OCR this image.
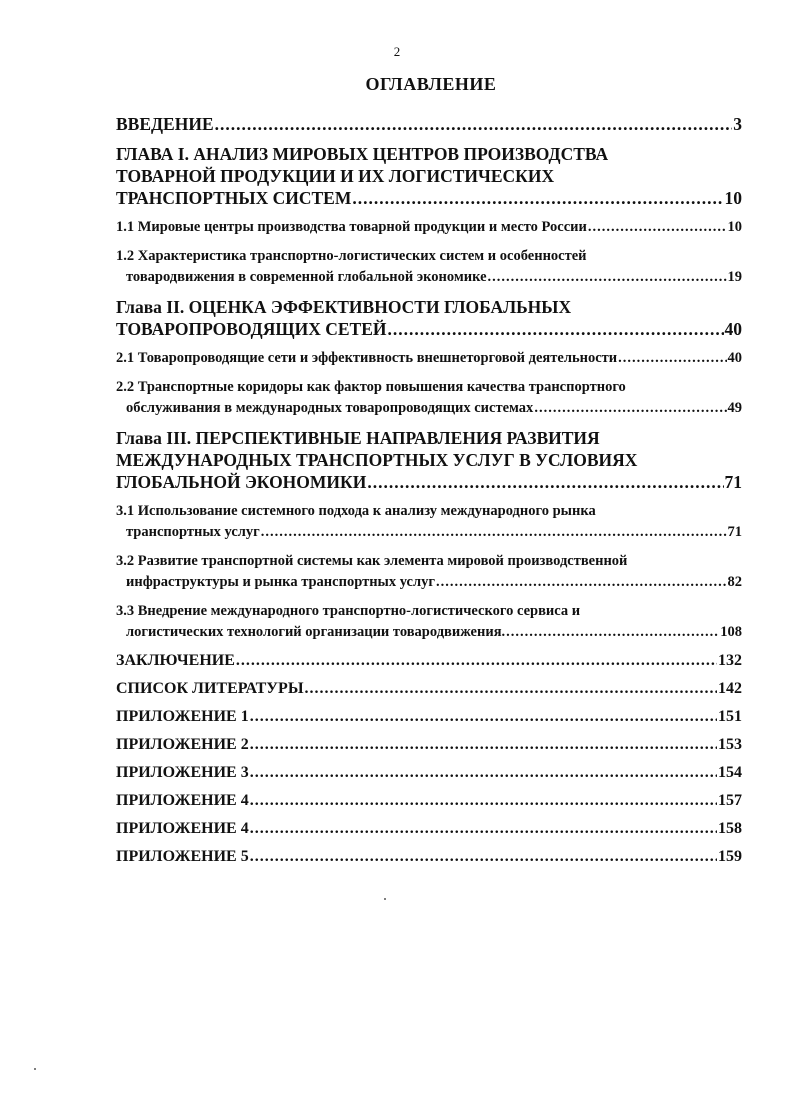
2
ОГЛАВЛЕНИЕ
ВВЕДЕНИЕ .....	3
ГЛАВА I. АНАЛИЗ МИРОВЫХ ЦЕНТРОВ ПРОИЗВОДСТВА
ТОВАРНОЙ ПРОДУКЦИИ И ИХ ЛОГИСТИЧЕСКИХ
ТРАНСПОРТНЫХ СИСТЕМ .....	10
1.1 Мировые центры производства товарной продукции и место России .....	10
1.2 Характеристика транспортно-логистических систем и особенностей
товародвижения в современной глобальной экономике .....	19
Глава II. ОЦЕНКА ЭФФЕКТИВНОСТИ ГЛОБАЛЬНЫХ
ТОВАРОПРОВОДЯЩИХ СЕТЕЙ .....	40
2.1 Товаропроводящие сети и эффективность внешнеторговой деятельности .....	40
2.2 Транспортные коридоры как фактор повышения качества транспортного
обслуживания в международных товаропроводящих системах .....	49
Глава III. ПЕРСПЕКТИВНЫЕ НАПРАВЛЕНИЯ РАЗВИТИЯ
МЕЖДУНАРОДНЫХ ТРАНСПОРТНЫХ УСЛУГ В УСЛОВИЯХ
ГЛОБАЛЬНОЙ ЭКОНОМИКИ .....	71
3.1 Использование системного подхода к анализу международного рынка
транспортных услуг .....	71
3.2 Развитие транспортной системы как элемента мировой производственной
инфраструктуры и рынка транспортных услуг .....	82
3.3 Внедрение международного транспортно-логистического сервиса и
логистических технологий организации товародвижения. .....	108
ЗАКЛЮЧЕНИЕ .....	132
СПИСОК ЛИТЕРАТУРЫ .....	142
ПРИЛОЖЕНИЕ 1 .....	151
ПРИЛОЖЕНИЕ 2 .....	153
ПРИЛОЖЕНИЕ 3 .....	154
ПРИЛОЖЕНИЕ 4 .....	157
ПРИЛОЖЕНИЕ 4 .....	158
ПРИЛОЖЕНИЕ 5 .....	159
